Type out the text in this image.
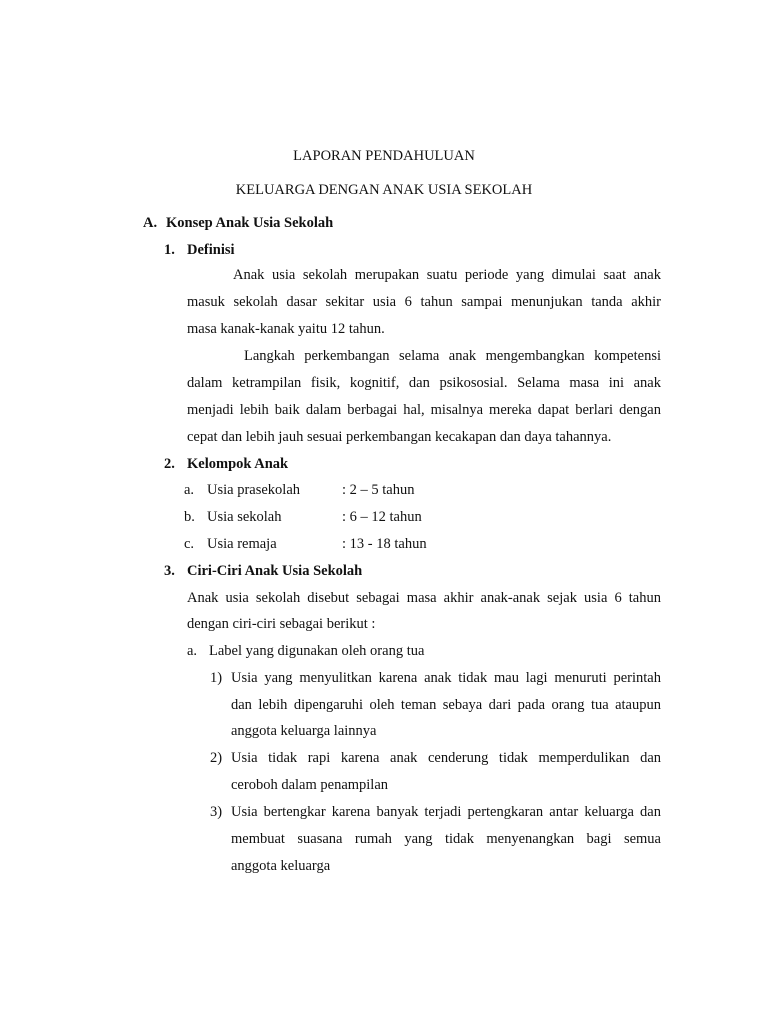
LAPORAN PENDAHULUAN
KELUARGA DENGAN ANAK USIA SEKOLAH
A. Konsep Anak Usia Sekolah
1. Definisi
Anak usia sekolah merupakan suatu periode yang dimulai saat anak
masuk sekolah dasar sekitar usia 6 tahun sampai menunjukan tanda akhir
masa kanak-kanak yaitu 12 tahun.
Langkah perkembangan selama anak mengembangkan kompetensi
dalam ketrampilan fisik, kognitif, dan psikososial. Selama masa ini anak
menjadi lebih baik dalam berbagai hal, misalnya mereka dapat berlari dengan
cepat dan lebih jauh sesuai perkembangan kecakapan dan daya tahannya.
2. Kelompok Anak
a. Usia prasekolah	: 2 – 5 tahun
b. Usia sekolah	: 6 – 12 tahun
c. Usia remaja	: 13 - 18 tahun
3. Ciri-Ciri Anak Usia Sekolah
Anak usia sekolah disebut sebagai masa akhir anak-anak sejak usia 6 tahun
dengan ciri-ciri sebagai berikut :
a. Label yang digunakan oleh orang tua
1) Usia yang menyulitkan karena anak tidak mau lagi menuruti perintah
dan lebih dipengaruhi oleh teman sebaya dari pada orang tua ataupun
anggota keluarga lainnya
2) Usia tidak rapi karena anak cenderung tidak memperdulikan dan
ceroboh dalam penampilan
3) Usia bertengkar karena banyak terjadi pertengkaran antar keluarga dan
membuat suasana rumah yang tidak menyenangkan bagi semua
anggota keluarga
